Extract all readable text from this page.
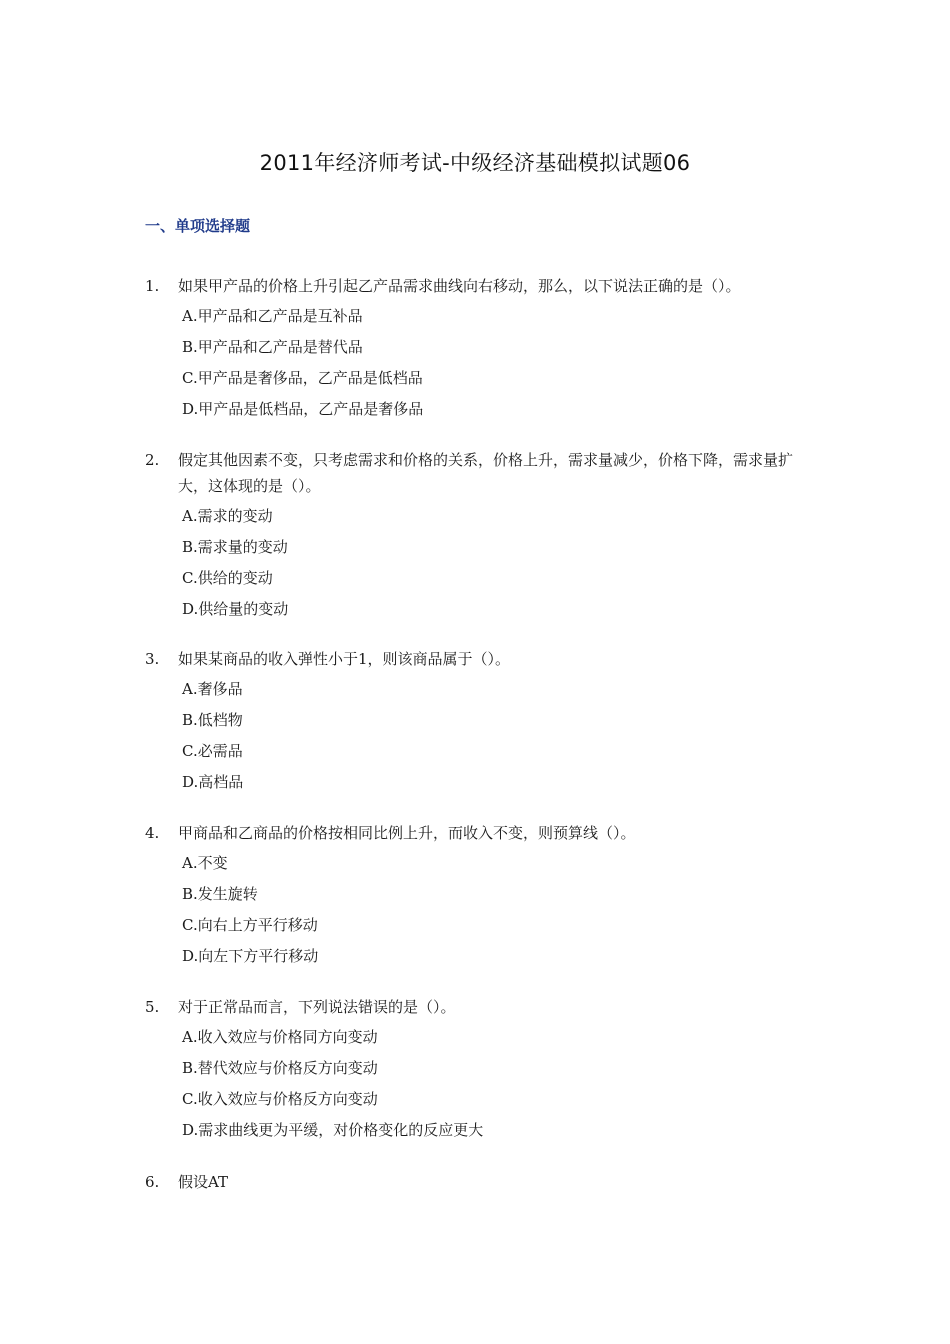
2011年经济师考试-中级经济基础模拟试题06
一、单项选择题
1. 如果甲产品的价格上升引起乙产品需求曲线向右移动，那么，以下说法正确的是（）。
A.甲产品和乙产品是互补品
B.甲产品和乙产品是替代品
C.甲产品是奢侈品，乙产品是低档品
D.甲产品是低档品，乙产品是奢侈品
2. 假定其他因素不变，只考虑需求和价格的关系，价格上升，需求量减少，价格下降，需求量扩大，这体现的是（）。
A.需求的变动
B.需求量的变动
C.供给的变动
D.供给量的变动
3. 如果某商品的收入弹性小于1，则该商品属于（）。
A.奢侈品
B.低档物
C.必需品
D.高档品
4. 甲商品和乙商品的价格按相同比例上升，而收入不变，则预算线（）。
A.不变
B.发生旋转
C.向右上方平行移动
D.向左下方平行移动
5. 对于正常品而言，下列说法错误的是（）。
A.收入效应与价格同方向变动
B.替代效应与价格反方向变动
C.收入效应与价格反方向变动
D.需求曲线更为平缓，对价格变化的反应更大
6. 假设AT
